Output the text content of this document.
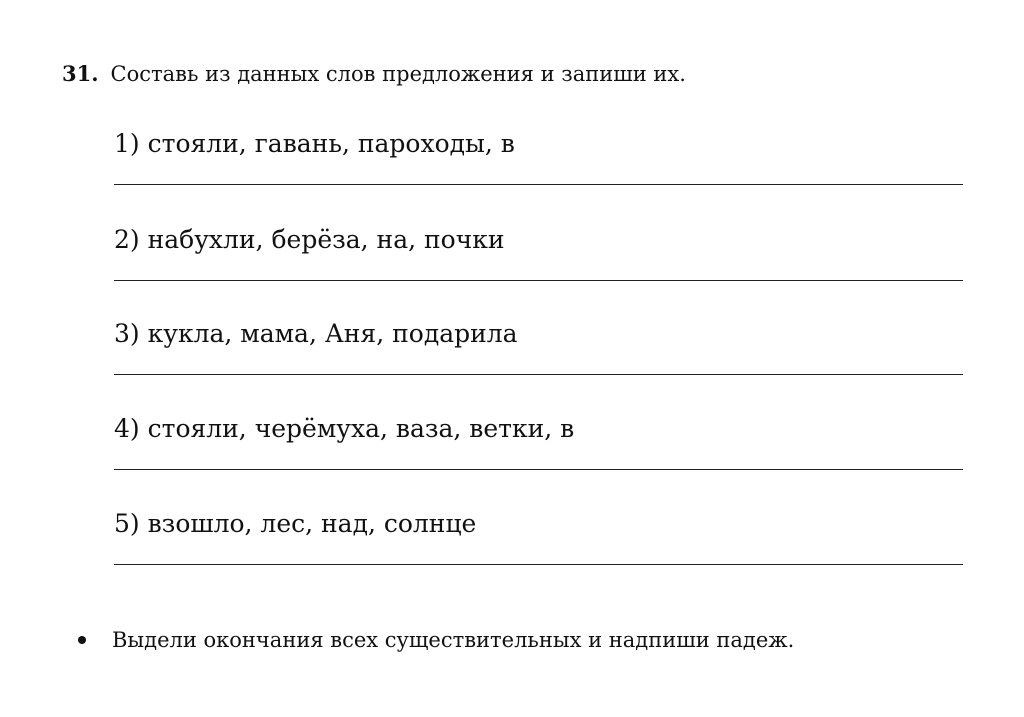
31. Составь из данных слов предложения и запиши их.
1) стояли, гавань, пароходы, в
2) набухли, берёза, на, почки
3) кукла, мама, Аня, подарила
4) стояли, черёмуха, ваза, ветки, в
5) взошло, лес, над, солнце
Выдели окончания всех существительных и надпиши падеж.
